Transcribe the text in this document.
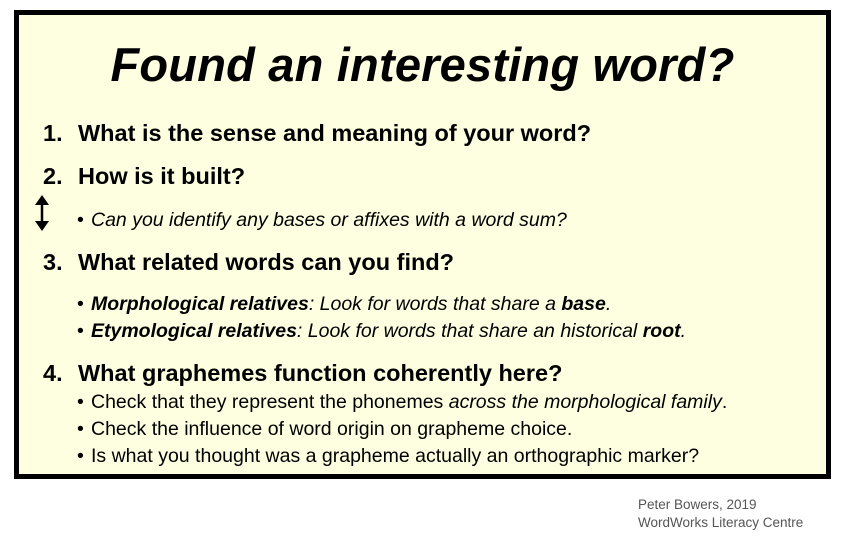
Found an interesting word?
1. What is the sense and meaning of your word?
2. How is it built?
• Can you identify any bases or affixes with a word sum?
3. What related words can you find?
• Morphological relatives: Look for words that share a base.
• Etymological relatives: Look for words that share an historical root.
4. What graphemes function coherently here?
• Check that they represent the phonemes across the morphological family.
• Check the influence of word origin on grapheme choice.
• Is what you thought was a grapheme actually an orthographic marker?
Peter Bowers, 2019
WordWorks Literacy Centre
